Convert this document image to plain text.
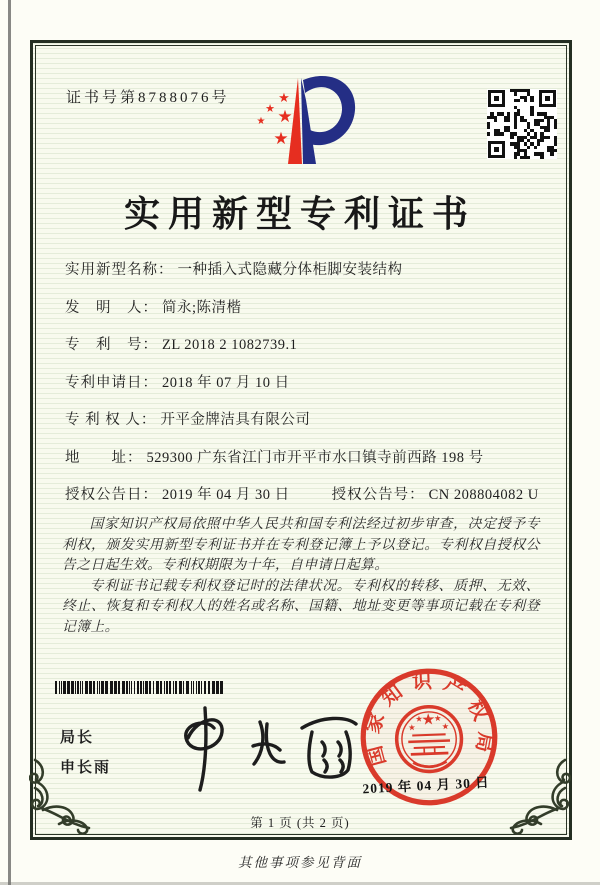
证书号第8788076号	★
★
★ ★
★
实用新型专利证书
实用新型名称： 一种插入式隐藏分体柜脚安装结构
发　明　人： 简永;陈清楷
专　利　号： ZL 2018 2 1082739.1
专利申请日： 2018 年 07 月 10 日
专 利 权 人： 开平金牌洁具有限公司
地　　址： 529300 广东省江门市开平市水口镇寺前西路 198 号
授权公告日： 2019 年 04 月 30 日	授权公告号： CN 208804082 U

国家知识产权局依照中华人民共和国专利法经过初步审查，决定授予专利权，颁发实用新型专利证书并在专利登记簿上予以登记。专利权自授权公告之日起生效。专利权期限为十年，自申请日起算。

专利证书记载专利权登记时的法律状况。专利权的转移、质押、无效、终止、恢复和专利权人的姓名或名称、国籍、地址变更等事项记载在专利登记簿上。

局长
申长雨	国家知识产权局
★
★
★ ★
★
2019 年 04 月 30 日
第 1 页 (共 2 页)
其他事项参见背面
